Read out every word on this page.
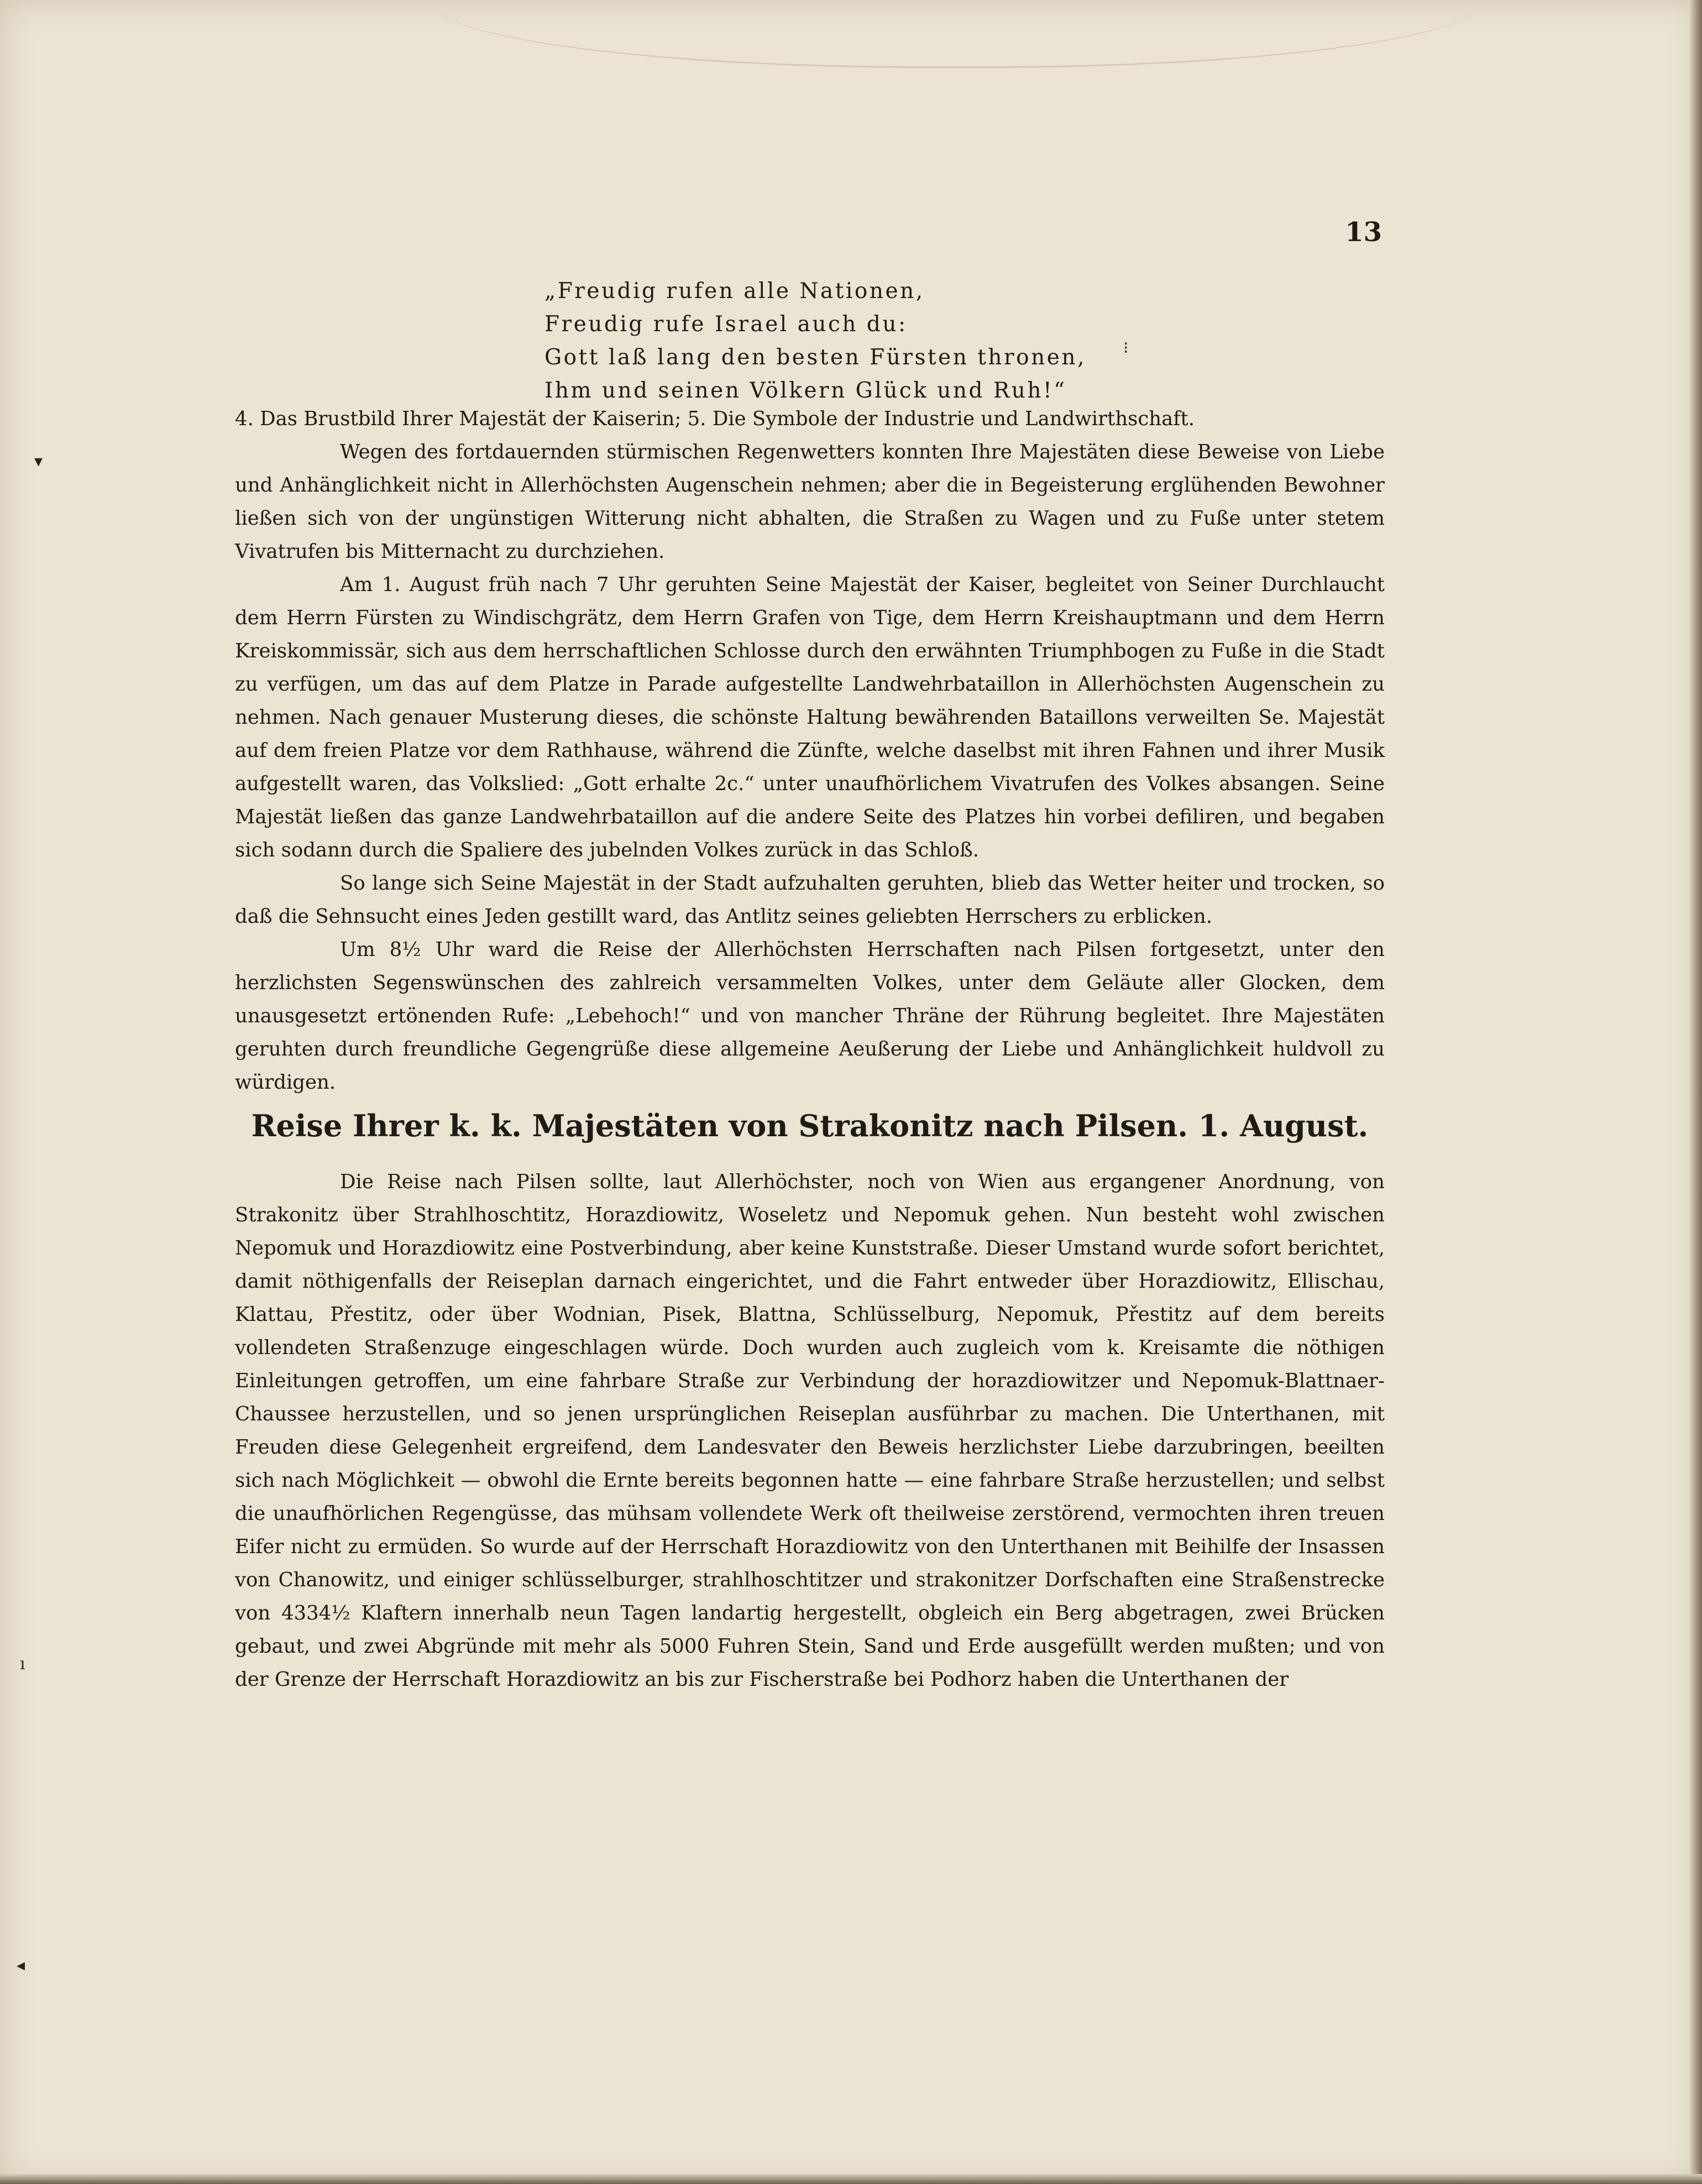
▾
ı
◂
⁝
13
„Freudig rufen alle Nationen,
Freudig rufe Israel auch du:
Gott laß lang den besten Fürsten thronen,
Ihm und seinen Völkern Glück und Ruh!“

4. Das Brustbild Ihrer Majestät der Kaiserin; 5. Die Symbole der Industrie und Landwirthschaft.

Wegen des fortdauernden stürmischen Regenwetters konnten Ihre Majestäten diese Beweise von Liebe und Anhänglichkeit nicht in Allerhöchsten Augenschein nehmen; aber die in Begeisterung erglühenden Bewohner ließen sich von der ungünstigen Witterung nicht abhalten, die Straßen zu Wagen und zu Fuße unter stetem Vivatrufen bis Mitternacht zu durchziehen.

Am 1. August früh nach 7 Uhr geruhten Seine Majestät der Kaiser, begleitet von Seiner Durchlaucht dem Herrn Fürsten zu Windischgrätz, dem Herrn Grafen von Tige, dem Herrn Kreishauptmann und dem Herrn Kreiskommissär, sich aus dem herrschaftlichen Schlosse durch den erwähnten Triumphbogen zu Fuße in die Stadt zu verfügen, um das auf dem Platze in Parade aufgestellte Landwehrbataillon in Allerhöchsten Augenschein zu nehmen. Nach genauer Musterung dieses, die schönste Haltung bewährenden Bataillons verweilten Se. Majestät auf dem freien Platze vor dem Rathhause, während die Zünfte, welche daselbst mit ihren Fahnen und ihrer Musik aufgestellt waren, das Volkslied: „Gott erhalte 2c.“ unter unaufhörlichem Vivatrufen des Volkes absangen. Seine Majestät ließen das ganze Landwehrbataillon auf die andere Seite des Platzes hin vorbei defiliren, und begaben sich sodann durch die Spaliere des jubelnden Volkes zurück in das Schloß.

So lange sich Seine Majestät in der Stadt aufzuhalten geruhten, blieb das Wetter heiter und trocken, so daß die Sehnsucht eines Jeden gestillt ward, das Antlitz seines geliebten Herrschers zu erblicken.

Um 8½ Uhr ward die Reise der Allerhöchsten Herrschaften nach Pilsen fortgesetzt, unter den herzlichsten Segenswünschen des zahlreich versammelten Volkes, unter dem Geläute aller Glocken, dem unausgesetzt ertönenden Rufe: „Lebehoch!“ und von mancher Thräne der Rührung begleitet. Ihre Majestäten geruhten durch freundliche Gegengrüße diese allgemeine Aeußerung der Liebe und Anhänglichkeit huldvoll zu würdigen.

Reise Ihrer k. k. Majestäten von Strakonitz nach Pilsen. 1. August.

Die Reise nach Pilsen sollte, laut Allerhöchster, noch von Wien aus ergangener Anordnung, von Strakonitz über Strahlhoschtitz, Horazdiowitz, Woseletz und Nepomuk gehen. Nun besteht wohl zwischen Nepomuk und Horazdiowitz eine Postverbindung, aber keine Kunststraße. Dieser Umstand wurde sofort berichtet, damit nöthigenfalls der Reiseplan darnach eingerichtet, und die Fahrt entweder über Horazdiowitz, Ellischau, Klattau, Přestitz, oder über Wodnian, Pisek, Blattna, Schlüsselburg, Nepomuk, Přestitz auf dem bereits vollendeten Straßenzuge eingeschlagen würde. Doch wurden auch zugleich vom k. Kreisamte die nöthigen Einleitungen getroffen, um eine fahrbare Straße zur Verbindung der horazdiowitzer und Nepomuk-Blattnaer-Chaussee herzustellen, und so jenen ursprünglichen Reiseplan ausführbar zu machen. Die Unterthanen, mit Freuden diese Gelegenheit ergreifend, dem Landesvater den Beweis herzlichster Liebe darzubringen, beeilten sich nach Möglichkeit — obwohl die Ernte bereits begonnen hatte — eine fahrbare Straße herzustellen; und selbst die unaufhörlichen Regengüsse, das mühsam vollendete Werk oft theilweise zerstörend, vermochten ihren treuen Eifer nicht zu ermüden. So wurde auf der Herrschaft Horazdiowitz von den Unterthanen mit Beihilfe der Insassen von Chanowitz, und einiger schlüsselburger, strahlhoschtitzer und strakonitzer Dorfschaften eine Straßenstrecke von 4334½ Klaftern innerhalb neun Tagen landartig hergestellt, obgleich ein Berg abgetragen, zwei Brücken gebaut, und zwei Abgründe mit mehr als 5000 Fuhren Stein, Sand und Erde ausgefüllt werden mußten; und von der Grenze der Herrschaft Horazdiowitz an bis zur Fischerstraße bei Podhorz haben die Unterthanen der
